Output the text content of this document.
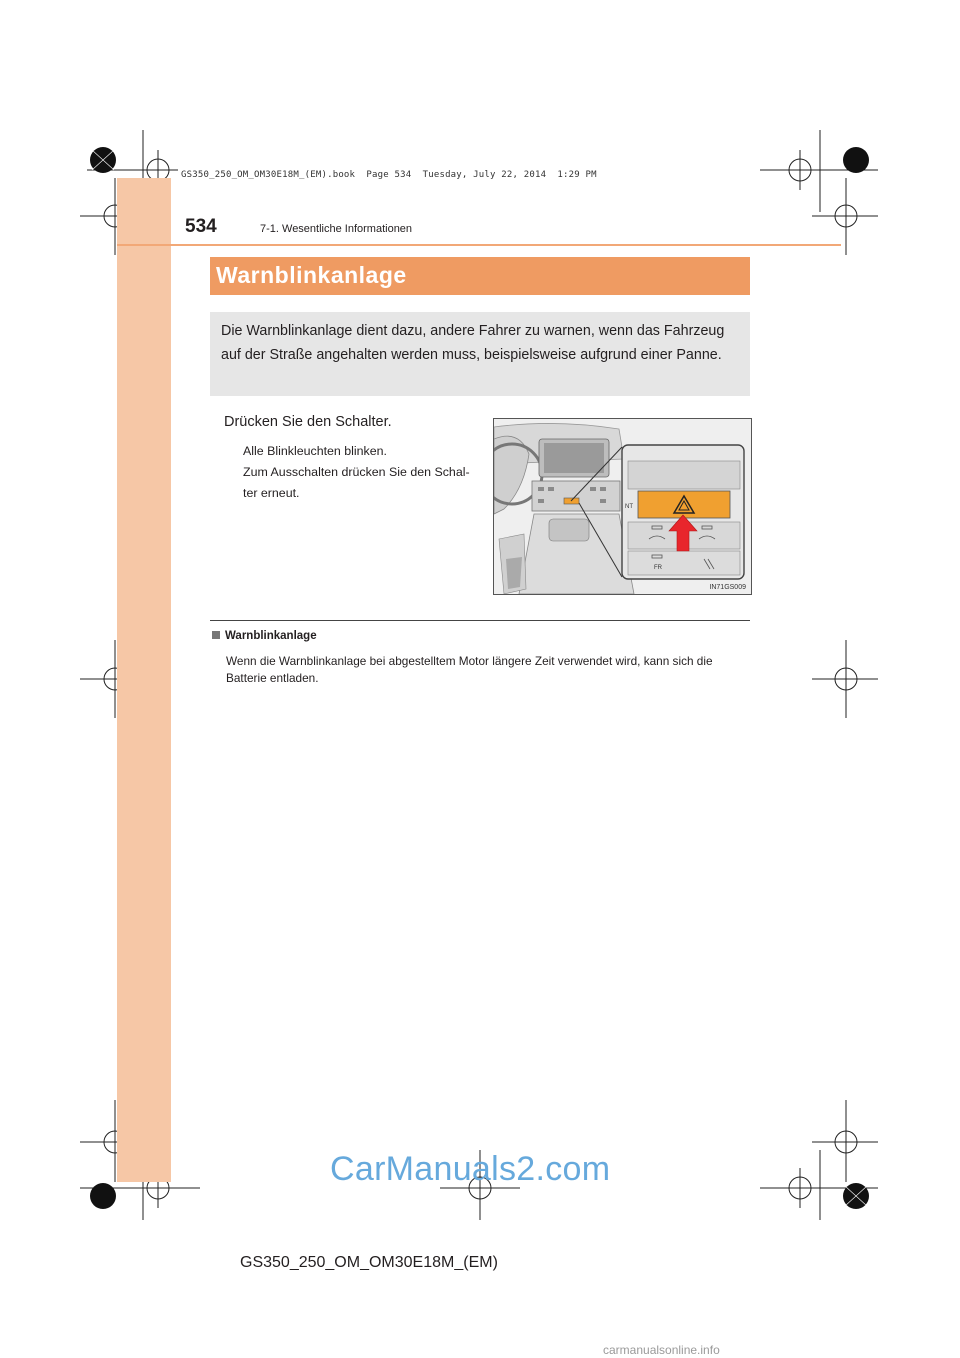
GS350_250_OM_OM30E18M_(EM).book  Page 534  Tuesday, July 22, 2014  1:29 PM
534	7-1. Wesentliche Informationen
Warnblinkanlage

Die Warnblinkanlage dient dazu, andere Fahrer zu warnen, wenn das Fahrzeug auf der Straße angehalten werden muss, beispielsweise aufgrund einer Panne.

Drücken Sie den Schalter.
Alle Blinkleuchten blinken.
Zum Ausschalten drücken Sie den Schal-
ter erneut.
NT
FR
IN71GS009
Warnblinkanlage
Wenn die Warnblinkanlage bei abgestelltem Motor längere Zeit verwendet wird, kann sich die Batterie entladen.
CarManuals2.com
GS350_250_OM_OM30E18M_(EM)
carmanualsonline.info
